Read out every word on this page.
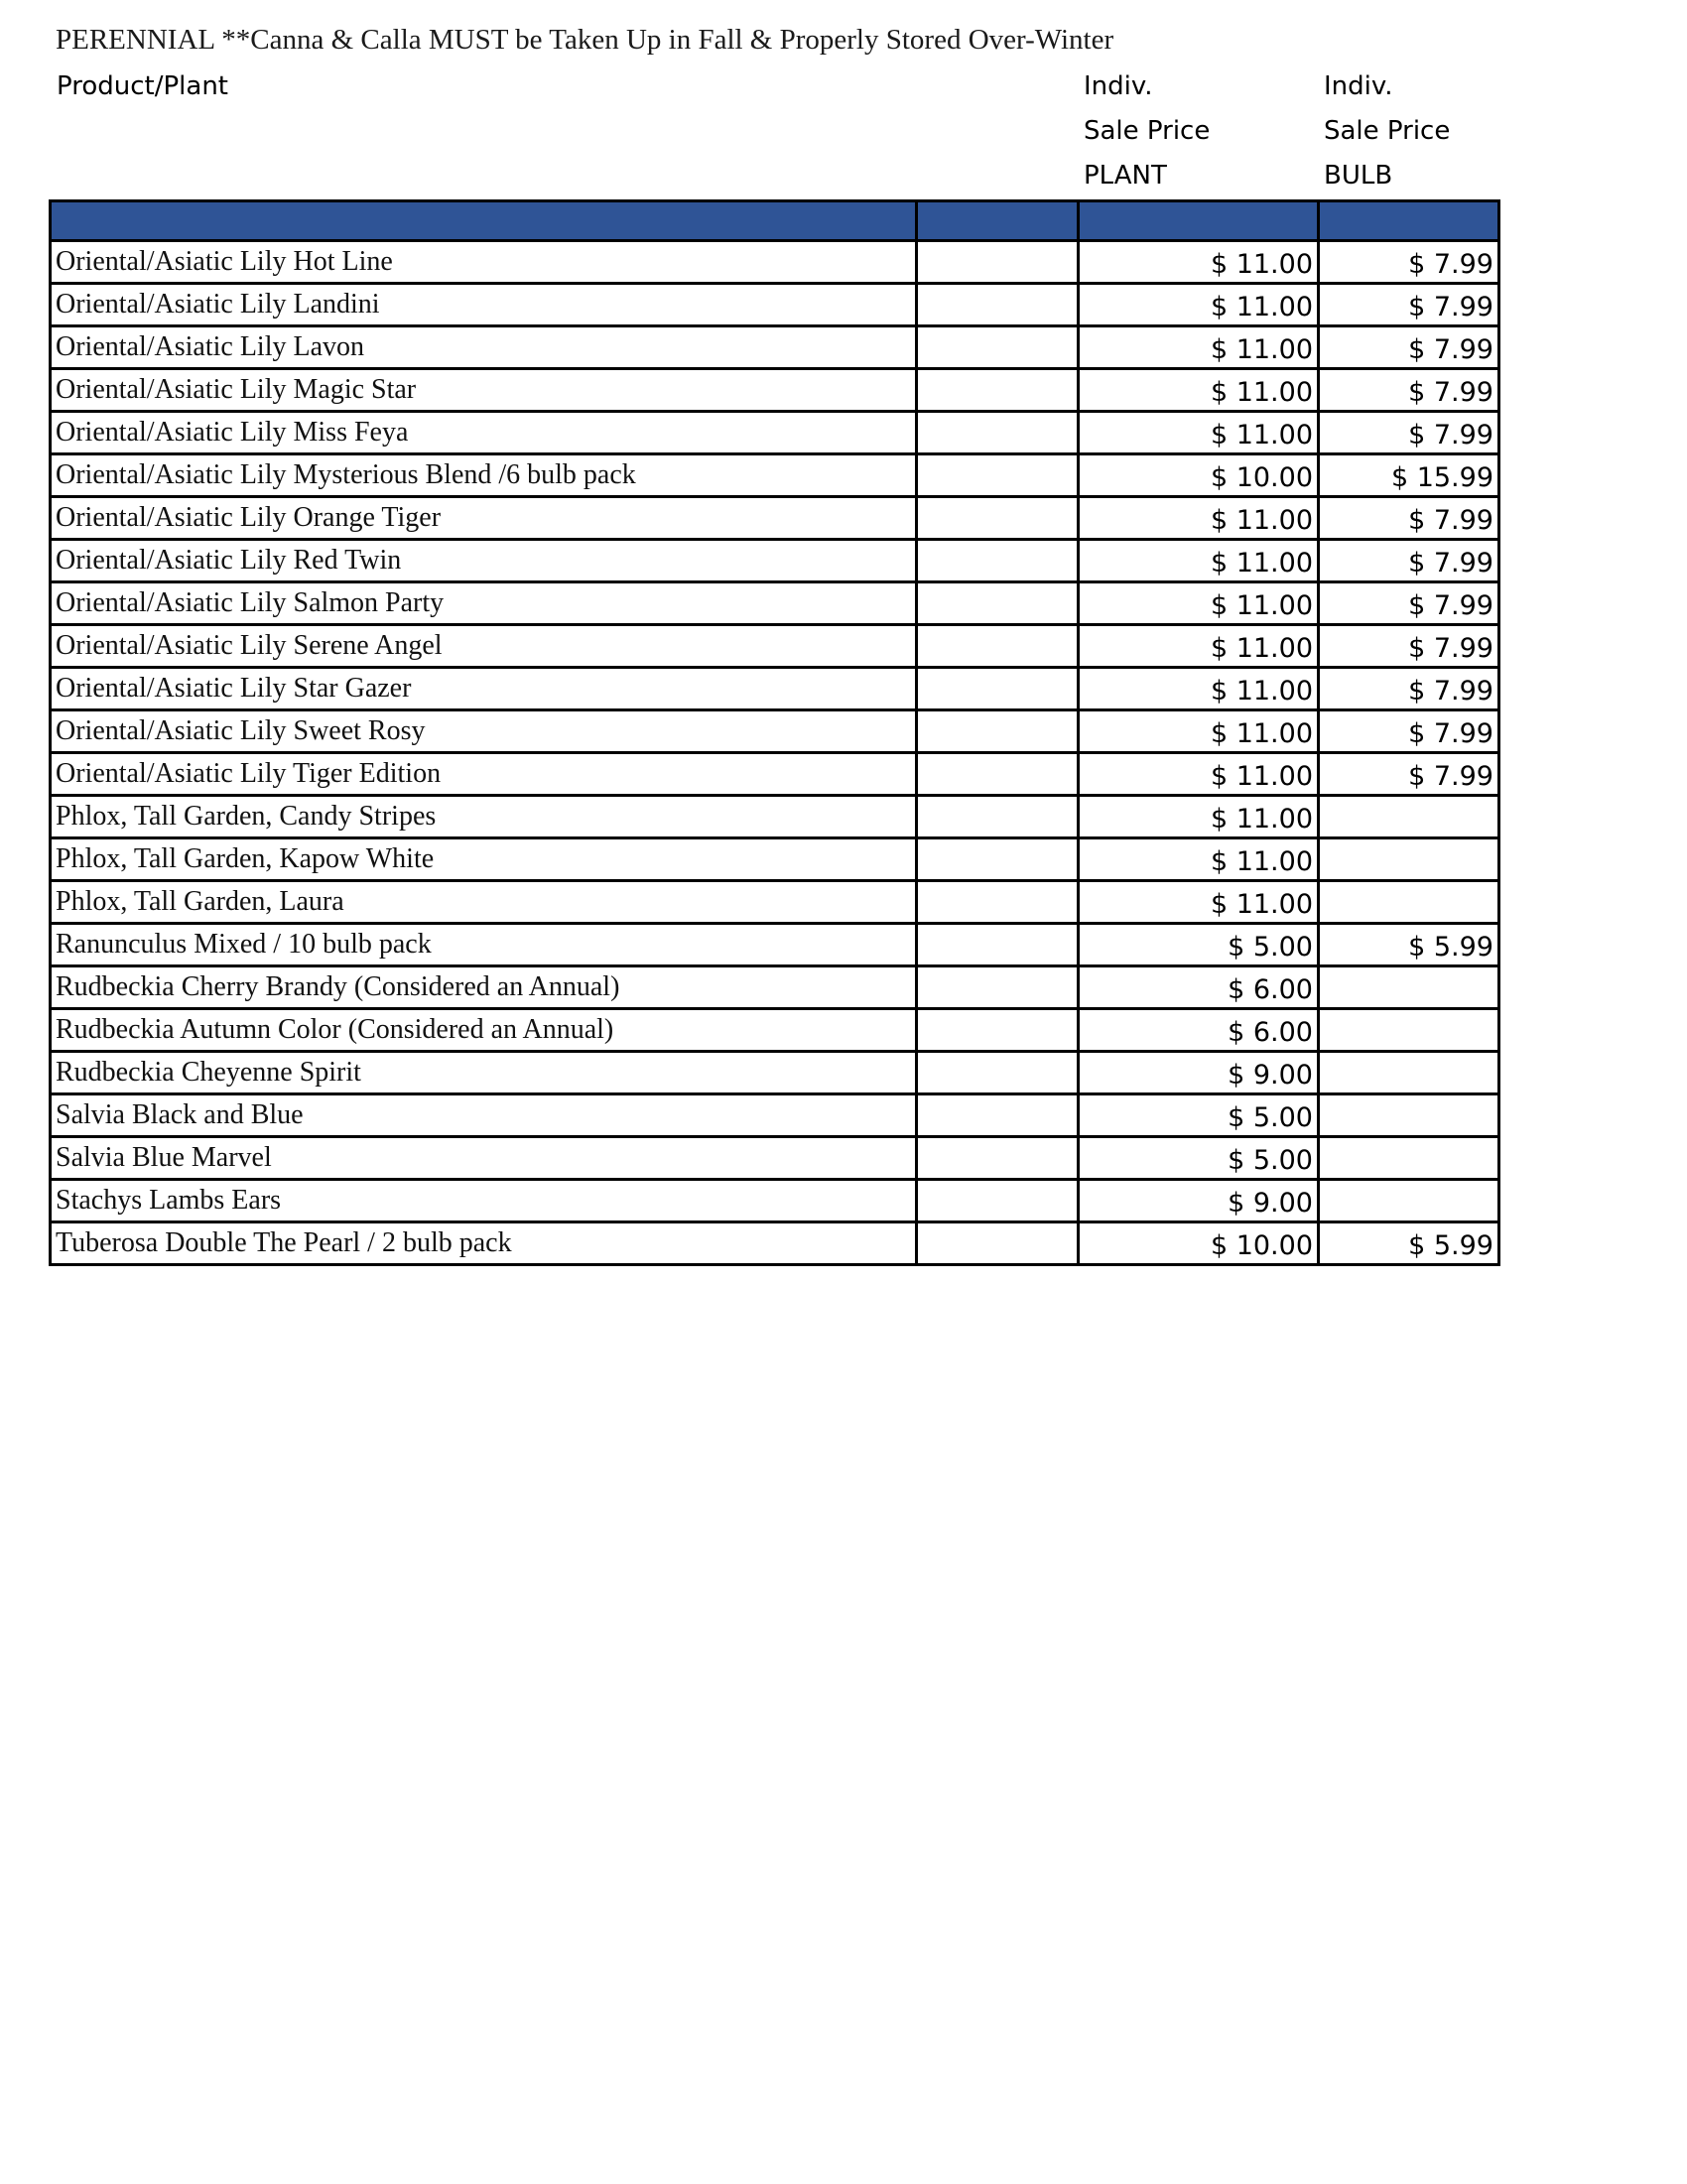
PERENNIAL **Canna & Calla MUST be Taken Up in Fall & Properly Stored Over-Winter
Product/Plant	Indiv.
Sale Price
PLANT
Indiv.
Sale Price
BULB

Oriental/Asiatic Lily Hot Line		$ 11.00	$ 7.99
Oriental/Asiatic Lily Landini		$ 11.00	$ 7.99
Oriental/Asiatic Lily Lavon		$ 11.00	$ 7.99
Oriental/Asiatic Lily Magic Star		$ 11.00	$ 7.99
Oriental/Asiatic Lily Miss Feya		$ 11.00	$ 7.99
Oriental/Asiatic Lily Mysterious Blend /6 bulb pack		$ 10.00	$ 15.99
Oriental/Asiatic Lily Orange Tiger		$ 11.00	$ 7.99
Oriental/Asiatic Lily Red Twin		$ 11.00	$ 7.99
Oriental/Asiatic Lily Salmon Party		$ 11.00	$ 7.99
Oriental/Asiatic Lily Serene Angel		$ 11.00	$ 7.99
Oriental/Asiatic Lily Star Gazer		$ 11.00	$ 7.99
Oriental/Asiatic Lily Sweet Rosy		$ 11.00	$ 7.99
Oriental/Asiatic Lily Tiger Edition		$ 11.00	$ 7.99
Phlox, Tall Garden, Candy Stripes		$ 11.00	
Phlox, Tall Garden, Kapow White		$ 11.00	
Phlox, Tall Garden, Laura		$ 11.00	
Ranunculus Mixed / 10 bulb pack		$ 5.00	$ 5.99
Rudbeckia Cherry Brandy (Considered an Annual)		$ 6.00	
Rudbeckia Autumn Color (Considered an Annual)		$ 6.00	
Rudbeckia Cheyenne Spirit		$ 9.00	
Salvia Black and Blue		$ 5.00	
Salvia Blue Marvel		$ 5.00	
Stachys Lambs Ears		$ 9.00	
Tuberosa Double The Pearl / 2 bulb pack		$ 10.00	$ 5.99
